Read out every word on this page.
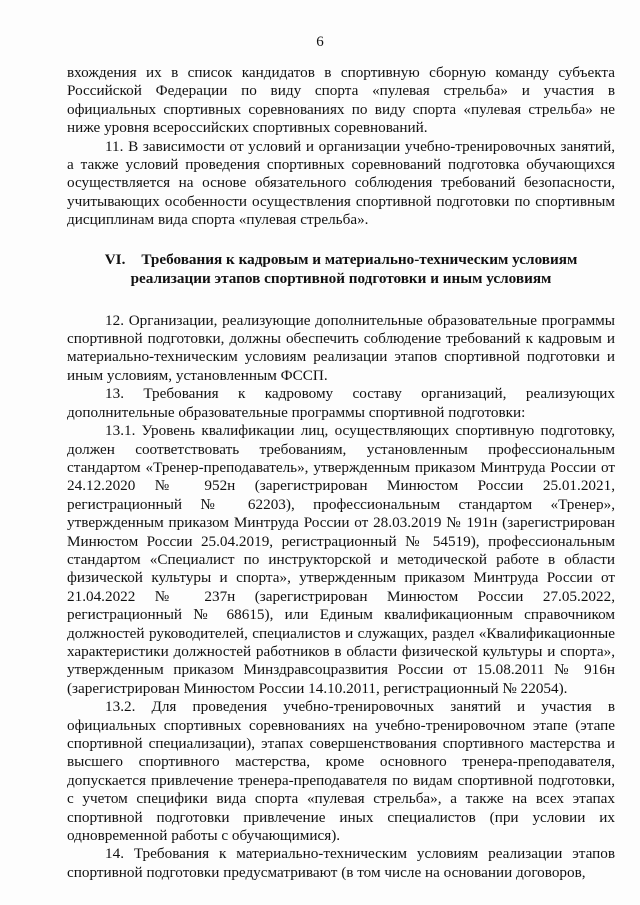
6

вхождения их в список кандидатов в спортивную сборную команду субъекта Российской Федерации по виду спорта «пулевая стрельба» и участия в официальных спортивных соревнованиях по виду спорта «пулевая стрельба» не ниже уровня всероссийских спортивных соревнований.

11. В зависимости от условий и организации учебно-тренировочных занятий, а также условий проведения спортивных соревнований подготовка обучающихся осуществляется на основе обязательного соблюдения требований безопасности, учитывающих особенности осуществления спортивной подготовки по спортивным дисциплинам вида спорта «пулевая стрельба».

VI. Требования к кадровым и материально-техническим условиям реализации этапов спортивной подготовки и иным условиям

12. Организации, реализующие дополнительные образовательные программы спортивной подготовки, должны обеспечить соблюдение требований к кадровым и материально-техническим условиям реализации этапов спортивной подготовки и иным условиям, установленным ФССП.

13. Требования к кадровому составу организаций, реализующих дополнительные образовательные программы спортивной подготовки:

13.1. Уровень квалификации лиц, осуществляющих спортивную подготовку, должен соответствовать требованиям, установленным профессиональным стандартом «Тренер-преподаватель», утвержденным приказом Минтруда России от 24.12.2020 № 952н (зарегистрирован Минюстом России 25.01.2021, регистрационный № 62203), профессиональным стандартом «Тренер», утвержденным приказом Минтруда России от 28.03.2019 № 191н (зарегистрирован Минюстом России 25.04.2019, регистрационный № 54519), профессиональным стандартом «Специалист по инструкторской и методической работе в области физической культуры и спорта», утвержденным приказом Минтруда России от 21.04.2022 № 237н (зарегистрирован Минюстом России 27.05.2022, регистрационный № 68615), или Единым квалификационным справочником должностей руководителей, специалистов и служащих, раздел «Квалификационные характеристики должностей работников в области физической культуры и спорта», утвержденным приказом Минздравсоцразвития России от 15.08.2011 № 916н (зарегистрирован Минюстом России 14.10.2011, регистрационный № 22054).

13.2. Для проведения учебно-тренировочных занятий и участия в официальных спортивных соревнованиях на учебно-тренировочном этапе (этапе спортивной специализации), этапах совершенствования спортивного мастерства и высшего спортивного мастерства, кроме основного тренера-преподавателя, допускается привлечение тренера-преподавателя по видам спортивной подготовки, с учетом специфики вида спорта «пулевая стрельба», а также на всех этапах спортивной подготовки привлечение иных специалистов (при условии их одновременной работы с обучающимися).

14. Требования к материально-техническим условиям реализации этапов спортивной подготовки предусматривают (в том числе на основании договоров,
